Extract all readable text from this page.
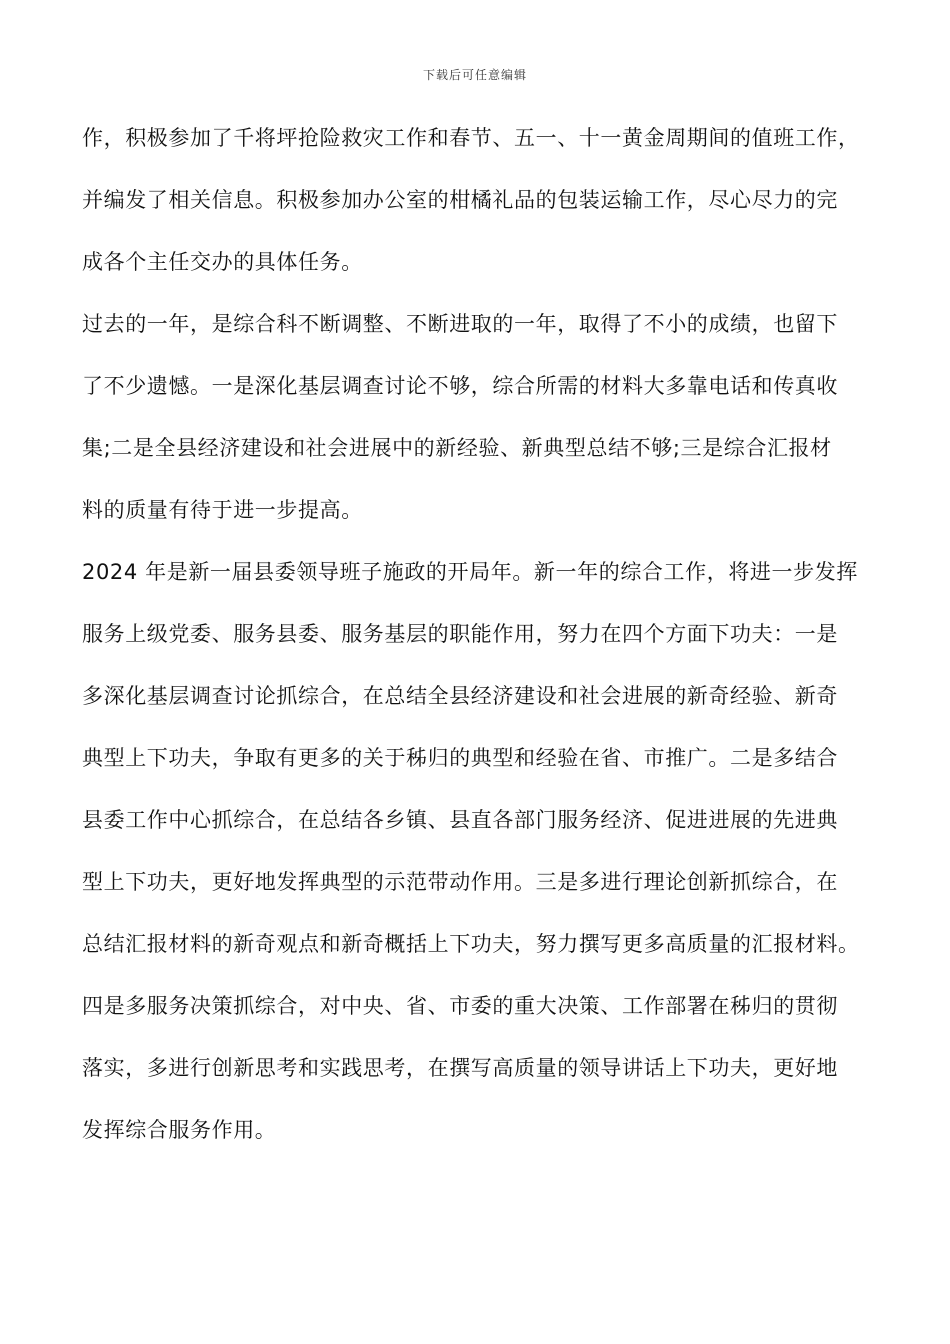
下载后可任意编辑
作，积极参加了千将坪抢险救灾工作和春节、五一、十一黄金周期间的值班工作，
并编发了相关信息。积极参加办公室的柑橘礼品的包装运输工作，尽心尽力的完
成各个主任交办的具体任务。
过去的一年，是综合科不断调整、不断进取的一年，取得了不小的成绩，也留下
了不少遗憾。一是深化基层调查讨论不够，综合所需的材料大多靠电话和传真收
集;二是全县经济建设和社会进展中的新经验、新典型总结不够;三是综合汇报材
料的质量有待于进一步提高。
2024 年是新一届县委领导班子施政的开局年。新一年的综合工作，将进一步发挥
服务上级党委、服务县委、服务基层的职能作用，努力在四个方面下功夫：一是
多深化基层调查讨论抓综合，在总结全县经济建设和社会进展的新奇经验、新奇
典型上下功夫，争取有更多的关于秭归的典型和经验在省、市推广。二是多结合
县委工作中心抓综合，在总结各乡镇、县直各部门服务经济、促进进展的先进典
型上下功夫，更好地发挥典型的示范带动作用。三是多进行理论创新抓综合，在
总结汇报材料的新奇观点和新奇概括上下功夫，努力撰写更多高质量的汇报材料。
四是多服务决策抓综合，对中央、省、市委的重大决策、工作部署在秭归的贯彻
落实，多进行创新思考和实践思考，在撰写高质量的领导讲话上下功夫，更好地
发挥综合服务作用。
